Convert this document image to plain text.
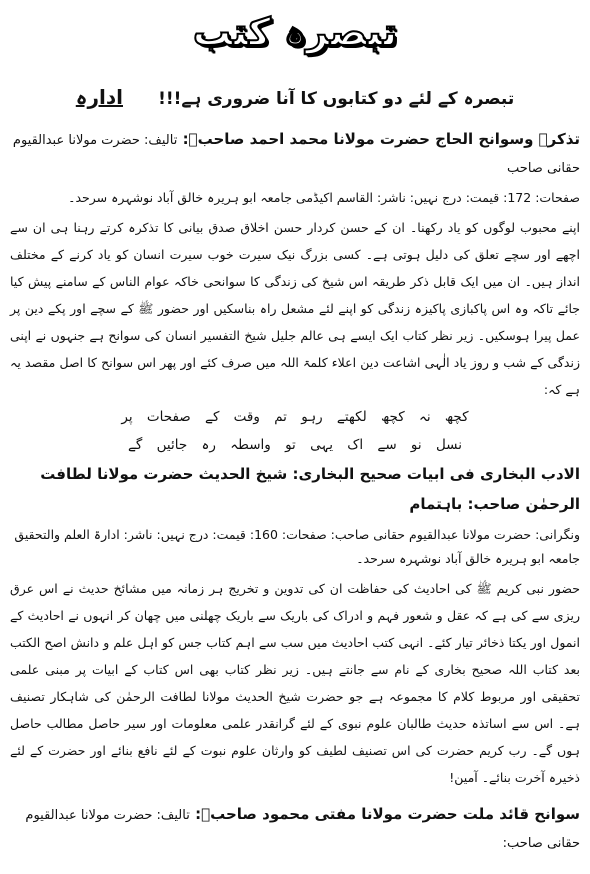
تبصرہ کتب
تبصرہ کے لئے دو کتابوں کا آنا ضروری ہے!!! ادارہ
تذکرہ وسوانح الحاج حضرت مولانا محمد احمد صاحبؒ: تالیف: حضرت مولانا عبدالقیوم حقانی صاحب
صفحات: 172: قیمت: درج نہیں: ناشر: القاسم اکیڈمی جامعہ ابو ہریرہ خالق آباد نوشہرہ سرحد۔

اپنے محبوب لوگوں کو یاد رکھنا۔ ان کے حسن کردار حسن اخلاق صدق بیانی کا تذکرہ کرتے رہنا ہی ان سے اچھے اور سچے تعلق کی دلیل ہوتی ہے۔ کسی بزرگ نیک سیرت خوب سیرت انسان کو یاد کرنے کے مختلف انداز ہیں۔ ان میں ایک قابل ذکر طریقہ اس شیخ کی زندگی کا سوانحی خاکہ عوام الناس کے سامنے پیش کیا جائے تاکہ وہ اس پاکبازی پاکیزہ زندگی کو اپنے لئے مشعل راہ بناسکیں اور حضور ﷺ کے سچے اور پکے دین پر عمل پیرا ہوسکیں۔ زیر نظر کتاب ایک ایسے ہی عالم جلیل شیخ التفسیر انسان کی سوانح ہے جنہوں نے اپنی زندگی کے شب و روز یاد الٰہی اشاعت دین اعلاء کلمۃ اللہ میں صرف کئے اور پھر اس سوانح کا اصل مقصد یہ ہے کہ:

کچھ نہ کچھ لکھتے رہو تم وقت کے صفحات پر
نسل نو سے اک یہی تو واسطہ رہ جائیں گے
الادب البخاری فی ابیات صحیح البخاری: شیخ الحدیث حضرت مولانا لطافت الرحمٰن صاحب: باہتمام
ونگرانی: حضرت مولانا عبدالقیوم حقانی صاحب: صفحات: 160: قیمت: درج نہیں: ناشر: ادارۃ العلم والتحقیق جامعہ ابو ہریرہ خالق آباد نوشہرہ سرحد۔

حضور نبی کریم ﷺ کی احادیث کی حفاظت ان کی تدوین و تخریج ہر زمانہ میں مشائخ حدیث نے اس عرق ریزی سے کی ہے کہ عقل و شعور فہم و ادراک کی باریک سے باریک چھلنی میں چھان کر انہوں نے احادیث کے انمول اور یکتا ذخائر تیار کئے۔ انہی کتب احادیث میں سب سے اہم کتاب جس کو اہل علم و دانش اصح الکتب بعد کتاب اللہ صحیح بخاری کے نام سے جانتے ہیں۔ زیر نظر کتاب بھی اس کتاب کے ابیات پر مبنی علمی تحقیقی اور مربوط کلام کا مجموعہ ہے جو حضرت شیخ الحدیث مولانا لطافت الرحمٰن کی شاہکار تصنیف ہے۔ اس سے اساتذہ حدیث طالبان علوم نبوی کے لئے گرانقدر علمی معلومات اور سیر حاصل مطالب حاصل ہوں گے۔ رب کریم حضرت کی اس تصنیف لطیف کو وارثان علوم نبوت کے لئے نافع بنائے اور حضرت کے لئے ذخیرہ آخرت بنائے۔ آمین!

سوانح قائد ملت حضرت مولانا مفتی محمود صاحبؒ: تالیف: حضرت مولانا عبدالقیوم حقانی صاحب:
